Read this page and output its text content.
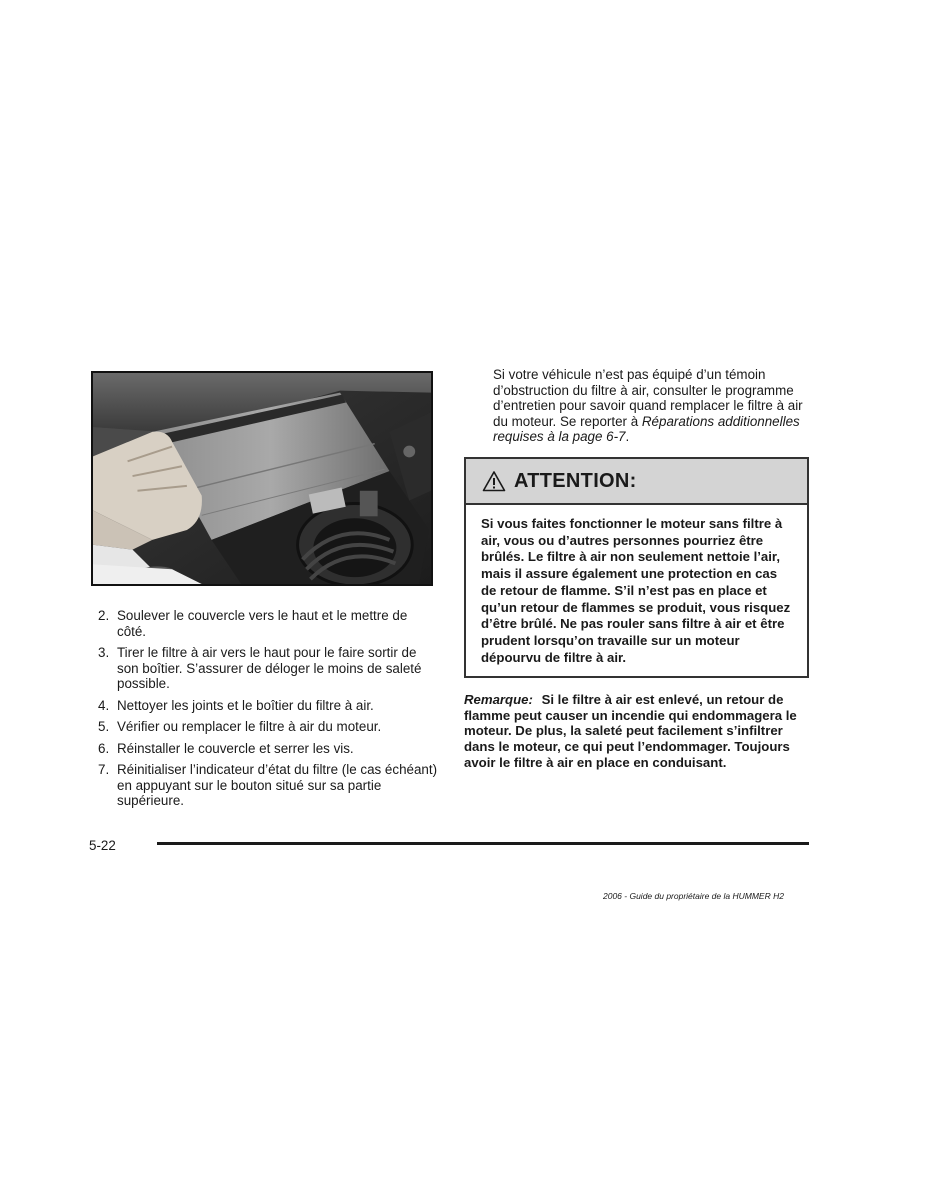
2. Soulever le couvercle vers le haut et le mettre de côté.
3. Tirer le filtre à air vers le haut pour le faire sortir de son boîtier. S’assurer de déloger le moins de saleté possible.
4. Nettoyer les joints et le boîtier du filtre à air.
5. Vérifier ou remplacer le filtre à air du moteur.
6. Réinstaller le couvercle et serrer les vis.
7. Réinitialiser l’indicateur d’état du filtre (le cas échéant) en appuyant sur le bouton situé sur sa partie supérieure.

Si votre véhicule n’est pas équipé d’un témoin d’obstruction du filtre à air, consulter le programme d’entretien pour savoir quand remplacer le filtre à air du moteur. Se reporter à Réparations additionnelles requises à la page 6-7.

ATTENTION:

Si vous faites fonctionner le moteur sans filtre à air, vous ou d’autres personnes pourriez être brûlés. Le filtre à air non seulement nettoie l’air, mais il assure également une protection en cas de retour de flamme. S’il n’est pas en place et qu’un retour de flammes se produit, vous risquez d’être brûlé. Ne pas rouler sans filtre à air et être prudent lorsqu’on travaille sur un moteur dépourvu de filtre à air.

Remarque: Si le filtre à air est enlevé, un retour de flamme peut causer un incendie qui endommagera le moteur. De plus, la saleté peut facilement s’infiltrer dans le moteur, ce qui peut l’endommager. Toujours avoir le filtre à air en place en conduisant.

5-22
2006 - Guide du propriétaire de la HUMMER H2
